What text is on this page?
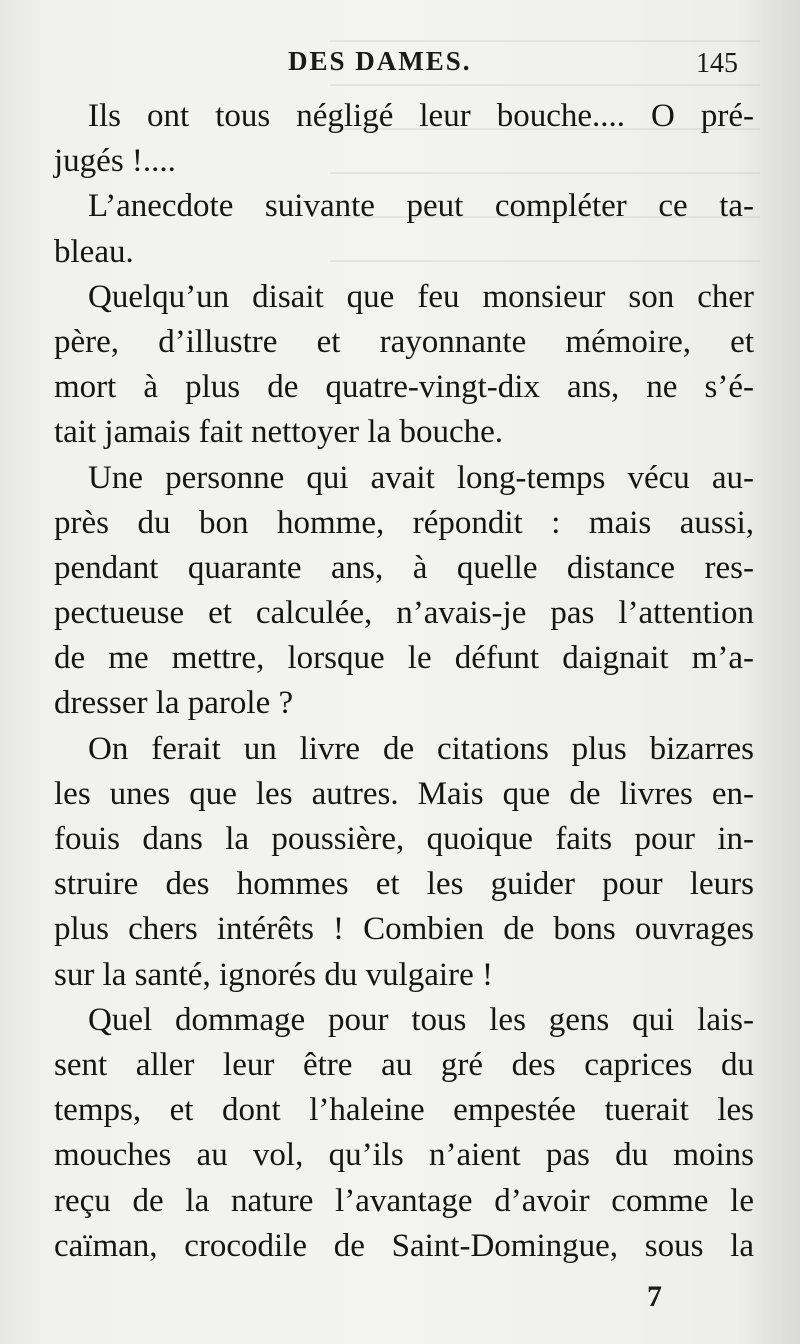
DES DAMES.	145

Ils ont tous négligé leur bouche.... O pré-
jugés !....

L’anecdote suivante peut compléter ce ta-
bleau.

Quelqu’un disait que feu monsieur son cher
père, d’illustre et rayonnante mémoire, et
mort à plus de quatre-vingt-dix ans, ne s’é-
tait jamais fait nettoyer la bouche.

Une personne qui avait long-temps vécu au-
près du bon homme, répondit : mais aussi,
pendant quarante ans, à quelle distance res-
pectueuse et calculée, n’avais-je pas l’attention
de me mettre, lorsque le défunt daignait m’a-
dresser la parole ?

On ferait un livre de citations plus bizarres
les unes que les autres. Mais que de livres en-
fouis dans la poussière, quoique faits pour in-
struire des hommes et les guider pour leurs
plus chers intérêts ! Combien de bons ouvrages
sur la santé, ignorés du vulgaire !

Quel dommage pour tous les gens qui lais-
sent aller leur être au gré des caprices du
temps, et dont l’haleine empestée tuerait les
mouches au vol, qu’ils n’aient pas du moins
reçu de la nature l’avantage d’avoir comme le
caïman, crocodile de Saint-Domingue, sous la

7
